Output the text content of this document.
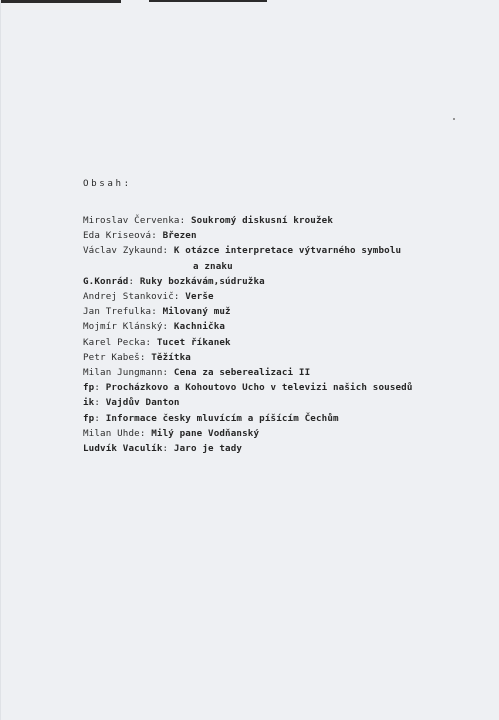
Obsah:
Miroslav Červenka: Soukromý diskusní kroužek
Eda Kriseová: Březen
Václav Zykaund: K otázce interpretace výtvarného symbolu
a znaku
G.Konrád: Ruky bozkávám,súdružka
Andrej Stankovič: Verše
Jan Trefulka: Milovaný muž
Mojmír Klánský: Kachnička
Karel Pecka: Tucet říkanek
Petr Kabeš: Těžítka
Milan Jungmann: Cena za seberealizaci II
fp: Procházkovo a Kohoutovo Ucho v televizi našich sousedů
ik: Vajdův Danton
fp: Informace česky mluvícím a píšícím Čechům
Milan Uhde: Milý pane Vodňanský
Ludvík Vaculík: Jaro je tady
